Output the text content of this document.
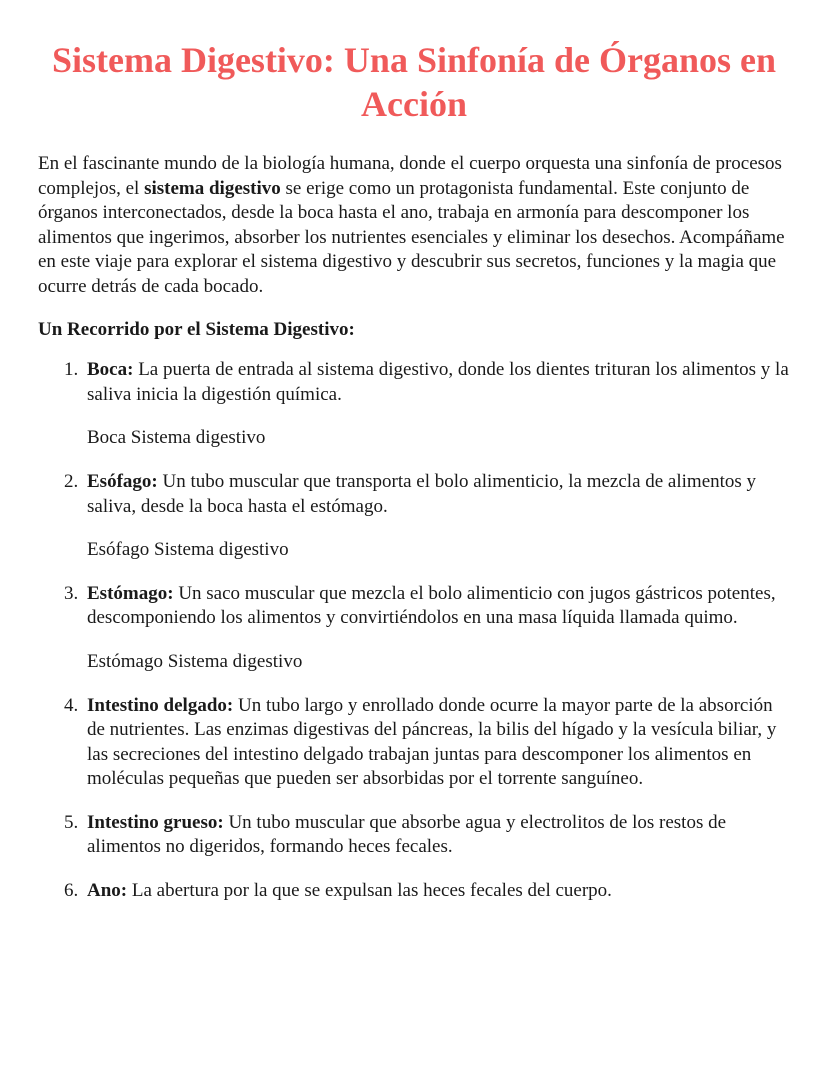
Sistema Digestivo: Una Sinfonía de Órganos en Acción

En el fascinante mundo de la biología humana, donde el cuerpo orquesta una sinfonía de procesos complejos, el sistema digestivo se erige como un protagonista fundamental. Este conjunto de órganos interconectados, desde la boca hasta el ano, trabaja en armonía para descomponer los alimentos que ingerimos, absorber los nutrientes esenciales y eliminar los desechos. Acompáñame en este viaje para explorar el sistema digestivo y descubrir sus secretos, funciones y la magia que ocurre detrás de cada bocado.

Un Recorrido por el Sistema Digestivo:

1. Boca: La puerta de entrada al sistema digestivo, donde los dientes trituran los alimentos y la saliva inicia la digestión química.

Boca Sistema digestivo

2. Esófago: Un tubo muscular que transporta el bolo alimenticio, la mezcla de alimentos y saliva, desde la boca hasta el estómago.

Esófago Sistema digestivo

3. Estómago: Un saco muscular que mezcla el bolo alimenticio con jugos gástricos potentes, descomponiendo los alimentos y convirtiéndolos en una masa líquida llamada quimo.

Estómago Sistema digestivo

4. Intestino delgado: Un tubo largo y enrollado donde ocurre la mayor parte de la absorción de nutrientes. Las enzimas digestivas del páncreas, la bilis del hígado y la vesícula biliar, y las secreciones del intestino delgado trabajan juntas para descomponer los alimentos en moléculas pequeñas que pueden ser absorbidas por el torrente sanguíneo.

5. Intestino grueso: Un tubo muscular que absorbe agua y electrolitos de los restos de alimentos no digeridos, formando heces fecales.

6. Ano: La abertura por la que se expulsan las heces fecales del cuerpo.
